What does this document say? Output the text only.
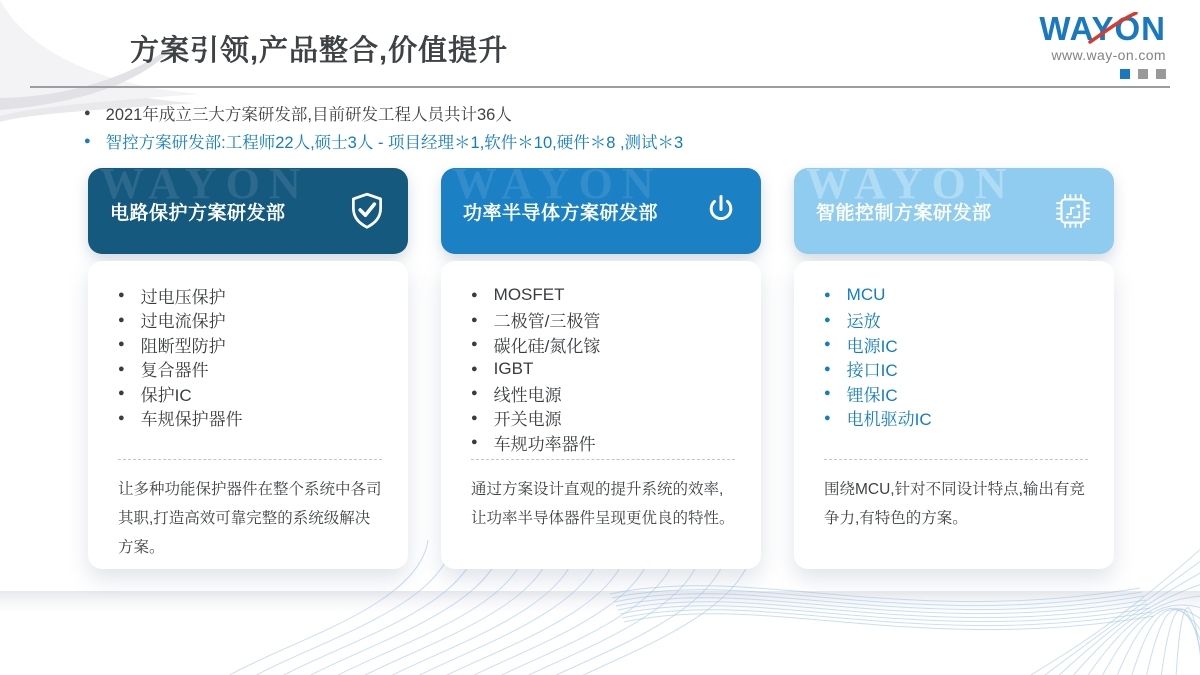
方案引领,产品整合,价值提升
WAYON
www.way-on.com
● 2021年成立三大方案研发部,目前研发工程人员共计36人
● 智控方案研发部:工程师22人,硕士3人 - 项目经理＊1,软件＊10,硬件＊8 ,测试＊3
WAYON
电路保护方案研发部
● 过电压保护
● 过电流保护
● 阻断型防护
● 复合器件
● 保护IC
● 车规保护器件

让多种功能保护器件在整个系统中各司其职,打造高效可靠完整的系统级解决方案。

WAYON
功率半导体方案研发部
● MOSFET
● 二极管/三极管
● 碳化硅/氮化镓
● IGBT
● 线性电源
● 开关电源
● 车规功率器件

通过方案设计直观的提升系统的效率,让功率半导体器件呈现更优良的特性。

WAYON
智能控制方案研发部
● MCU
● 运放
● 电源IC
● 接口IC
● 锂保IC
● 电机驱动IC

围绕MCU,针对不同设计特点,输出有竞争力,有特色的方案。
